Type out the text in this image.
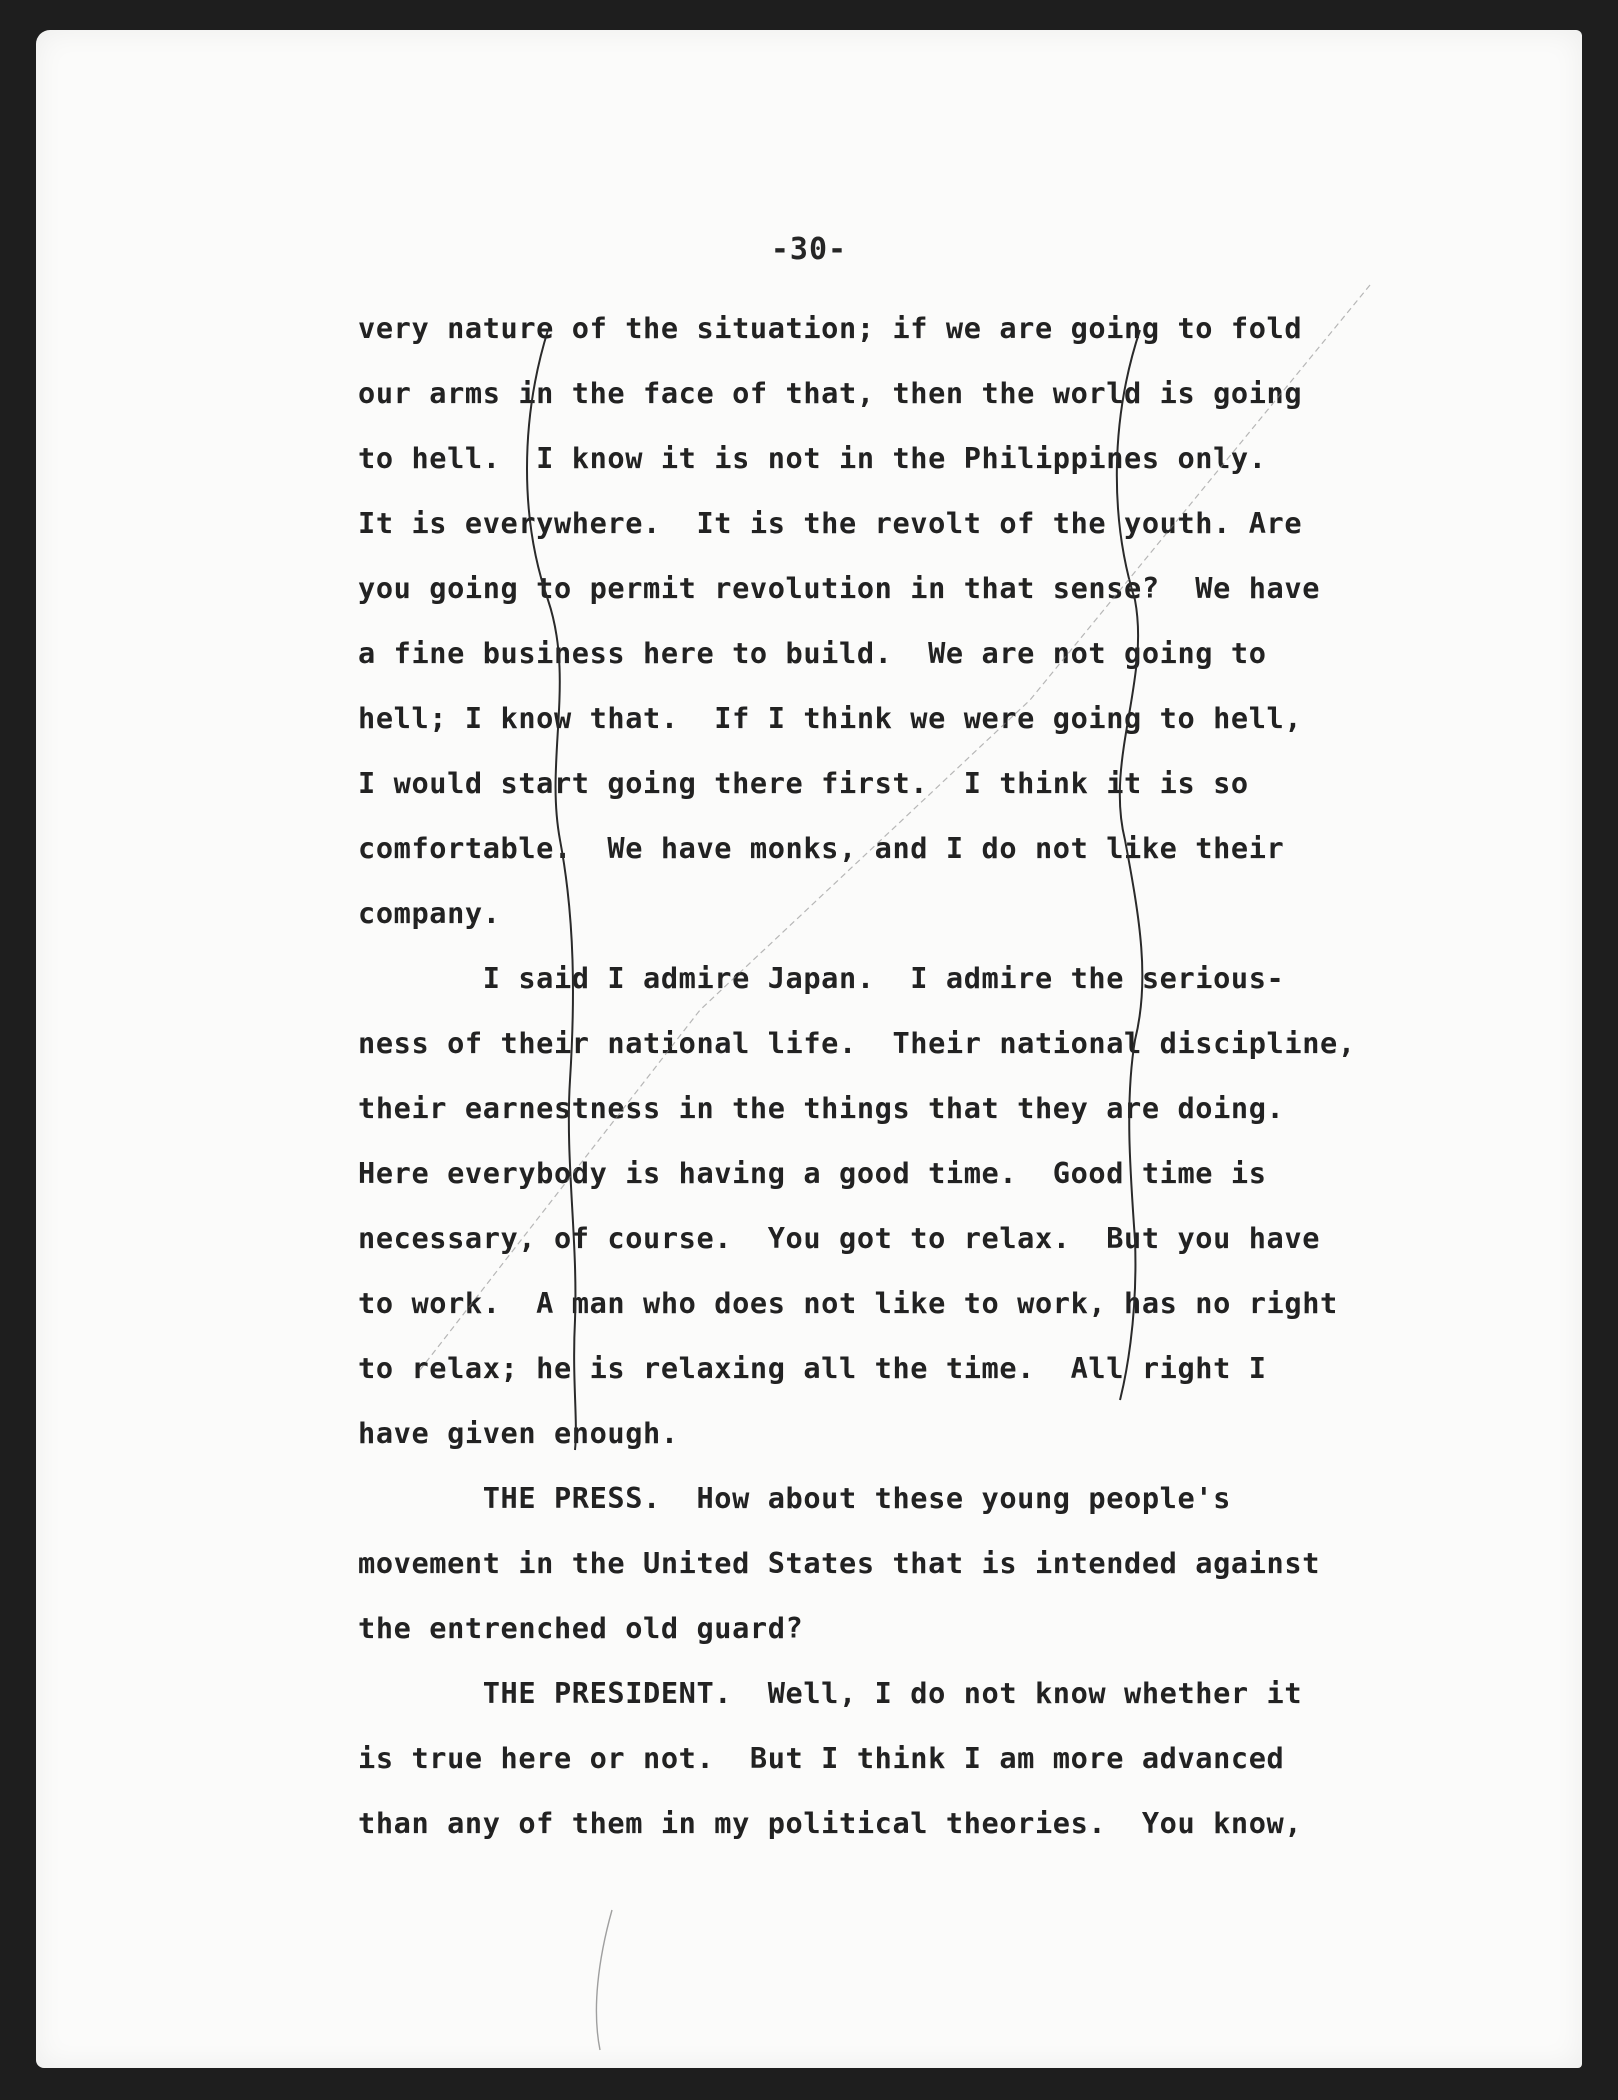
-30-
very nature of the situation; if we are going to fold
our arms in the face of that, then the world is going
to hell.  I know it is not in the Philippines only.
It is everywhere.  It is the revolt of the youth. Are
you going to permit revolution in that sense?  We have
a fine business here to build.  We are not going to
hell; I know that.  If I think we were going to hell,
I would start going there first.  I think it is so
comfortable.  We have monks, and I do not like their
company.
I said I admire Japan.  I admire the serious-
ness of their national life.  Their national discipline,
their earnestness in the things that they are doing.
Here everybody is having a good time.  Good time is
necessary, of course.  You got to relax.  But you have
to work.  A man who does not like to work, has no right
to relax; he is relaxing all the time.  All right I
have given enough.
THE PRESS.  How about these young people's
movement in the United States that is intended against
the entrenched old guard?
THE PRESIDENT.  Well, I do not know whether it
is true here or not.  But I think I am more advanced
than any of them in my political theories.  You know,
